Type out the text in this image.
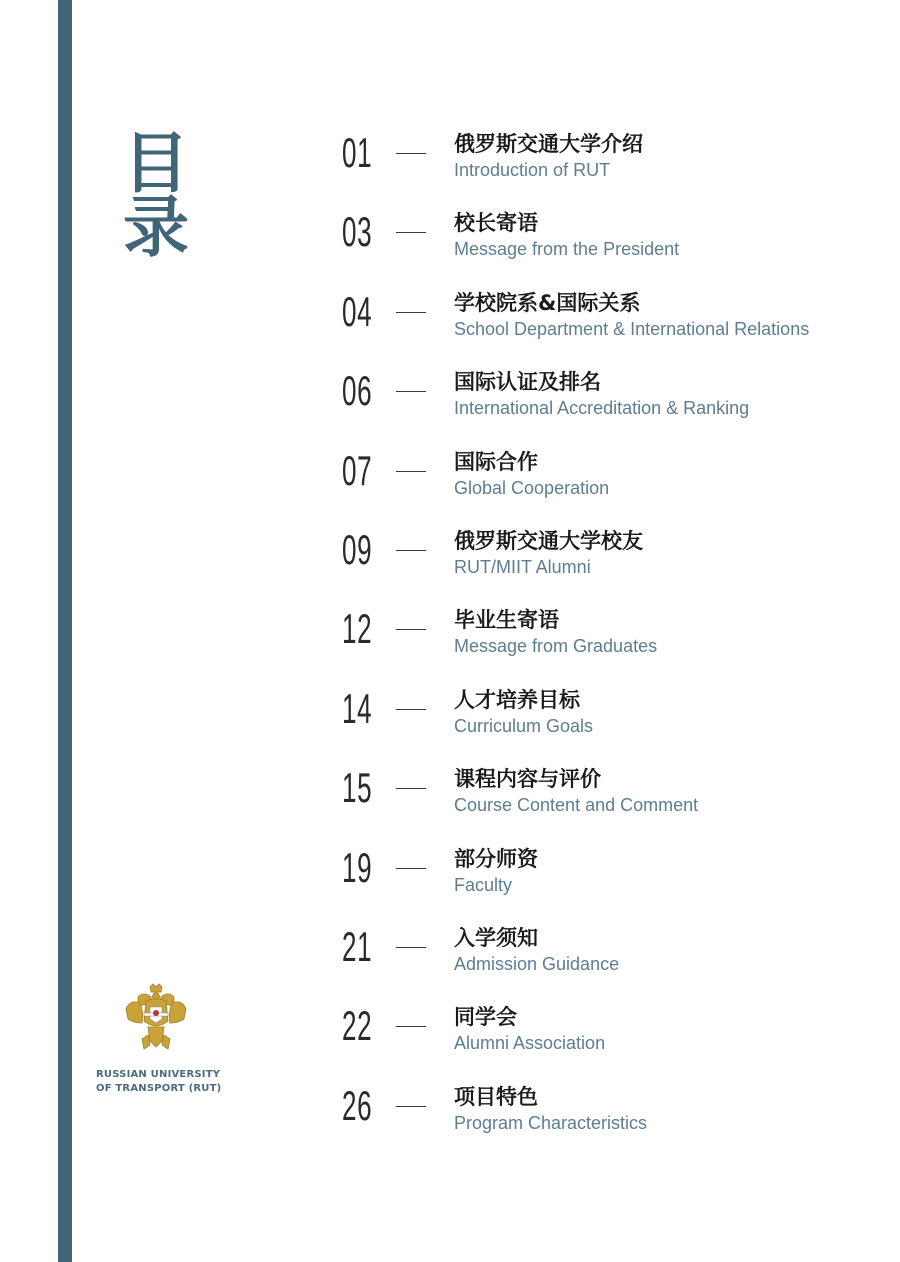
目
录
01	俄罗斯交通大学介绍
Introduction of RUT
03	校长寄语
Message from the President
04	学校院系&国际关系
School Department & International Relations
06	国际认证及排名
International Accreditation & Ranking
07	国际合作
Global Cooperation
09	俄罗斯交通大学校友
RUT/MIIT Alumni
12	毕业生寄语
Message from Graduates
14	人才培养目标
Curriculum Goals
15	课程内容与评价
Course Content and Comment
19	部分师资
Faculty
21	入学须知
Admission Guidance
22	同学会
Alumni Association
26	项目特色
Program Characteristics
RUSSIAN UNIVERSITY
OF TRANSPORT (RUT)
